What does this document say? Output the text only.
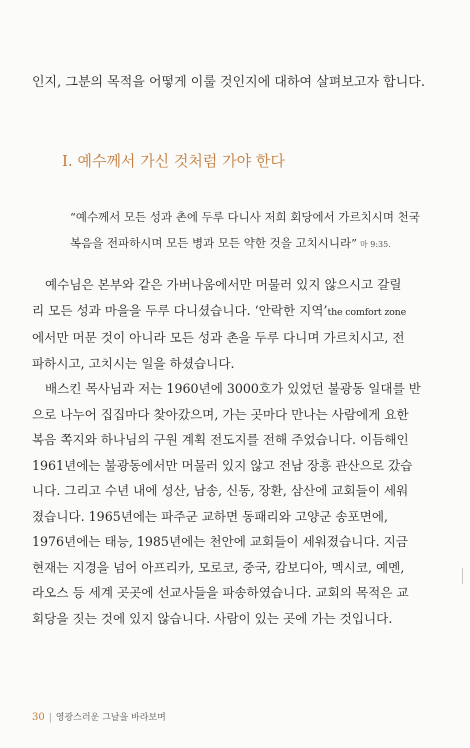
인지, 그분의 목적을 어떻게 이룰 것인지에 대하여 살펴보고자 합니다.
I. 예수께서 가신 것처럼 가야 한다
“예수께서 모든 성과 촌에 두루 다니사 저희 회당에서 가르치시며 천국
복음을 전파하시며 모든 병과 모든 약한 것을 고치시니라” 마 9:35.
예수님은 본부와 같은 가버나움에서만 머물러 있지 않으시고 갈릴
리 모든 성과 마을을 두루 다니셨습니다. ‘안락한 지역’the comfort zone
에서만 머문 것이 아니라 모든 성과 촌을 두루 다니며 가르치시고, 전
파하시고, 고치시는 일을 하셨습니다.
배스킨 목사님과 저는 1960년에 3000호가 있었던 불광동 일대를 반
으로 나누어 집집마다 찾아갔으며, 가는 곳마다 만나는 사람에게 요한
복음 쪽지와 하나님의 구원 계획 전도지를 전해 주었습니다. 이듬해인
1961년에는 불광동에서만 머물러 있지 않고 전남 장흥 관산으로 갔습
니다. 그리고 수년 내에 성산, 남송, 신동, 장환, 삼산에 교회들이 세워
졌습니다. 1965년에는 파주군 교하면 동패리와 고양군 송포면에,
1976년에는 태능, 1985년에는 천안에 교회들이 세워졌습니다. 지금
현재는 지경을 넘어 아프리카, 모로코, 중국, 캄보디아, 멕시코, 예멘,
라오스 등 세계 곳곳에 선교사들을 파송하였습니다. 교회의 목적은 교
회당을 짓는 것에 있지 않습니다. 사람이 있는 곳에 가는 것입니다.
30 | 영광스러운 그날을 바라보며
